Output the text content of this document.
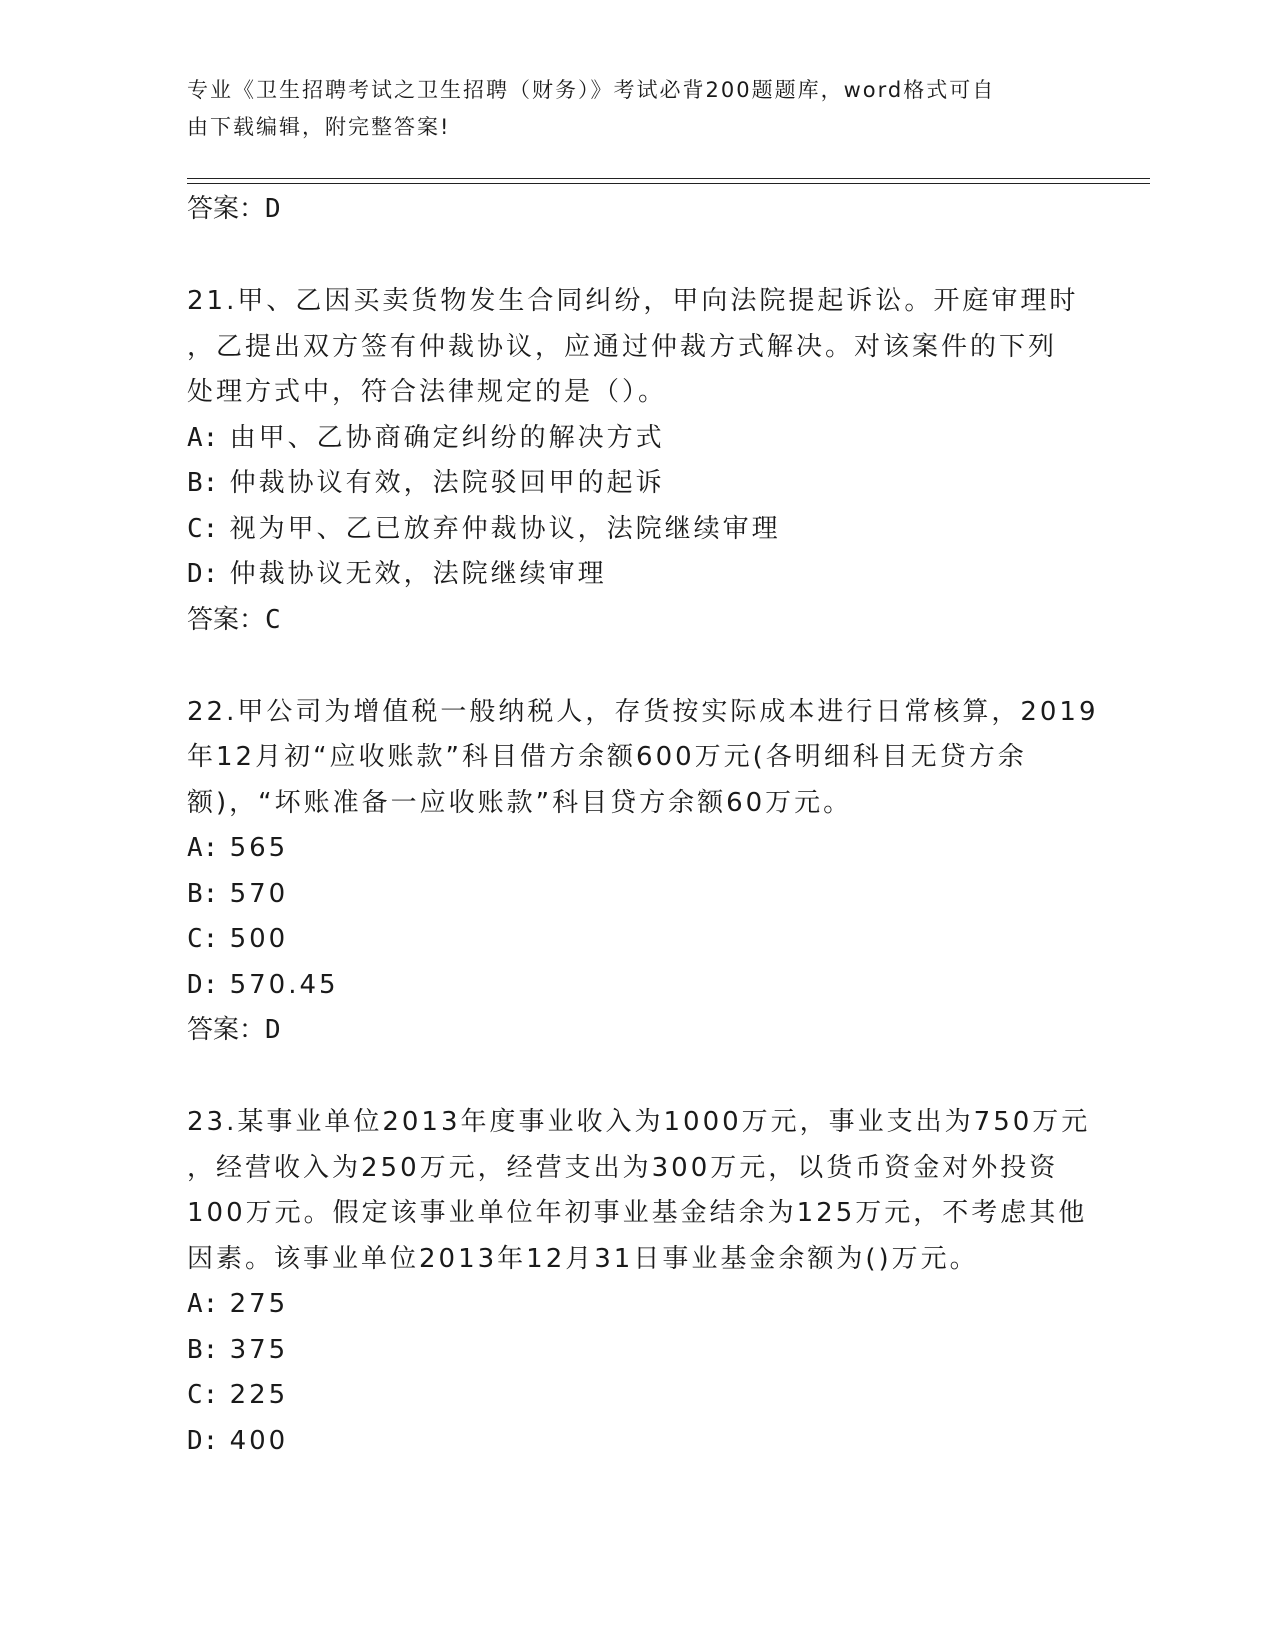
专业《卫生招聘考试之卫生招聘（财务）》考试必背200题题库，word格式可自
由下载编辑，附完整答案!
答案：D
21.甲、乙因买卖货物发生合同纠纷，甲向法院提起诉讼。开庭审理时
，乙提出双方签有仲裁协议，应通过仲裁方式解决。对该案件的下列
处理方式中，符合法律规定的是（）。
A: 由甲、乙协商确定纠纷的解决方式
B: 仲裁协议有效，法院驳回甲的起诉
C: 视为甲、乙已放弃仲裁协议，法院继续审理
D: 仲裁协议无效，法院继续审理
答案：C
22.甲公司为增值税一般纳税人，存货按实际成本进行日常核算，2019
年12月初“应收账款”科目借方余额600万元(各明细科目无贷方余
额)，“坏账准备一应收账款”科目贷方余额60万元。
A: 565
B: 570
C: 500
D: 570.45
答案：D
23.某事业单位2013年度事业收入为1000万元，事业支出为750万元
，经营收入为250万元，经营支出为300万元，以货币资金对外投资
100万元。假定该事业单位年初事业基金结余为125万元，不考虑其他
因素。该事业单位2013年12月31日事业基金余额为()万元。
A: 275
B: 375
C: 225
D: 400
